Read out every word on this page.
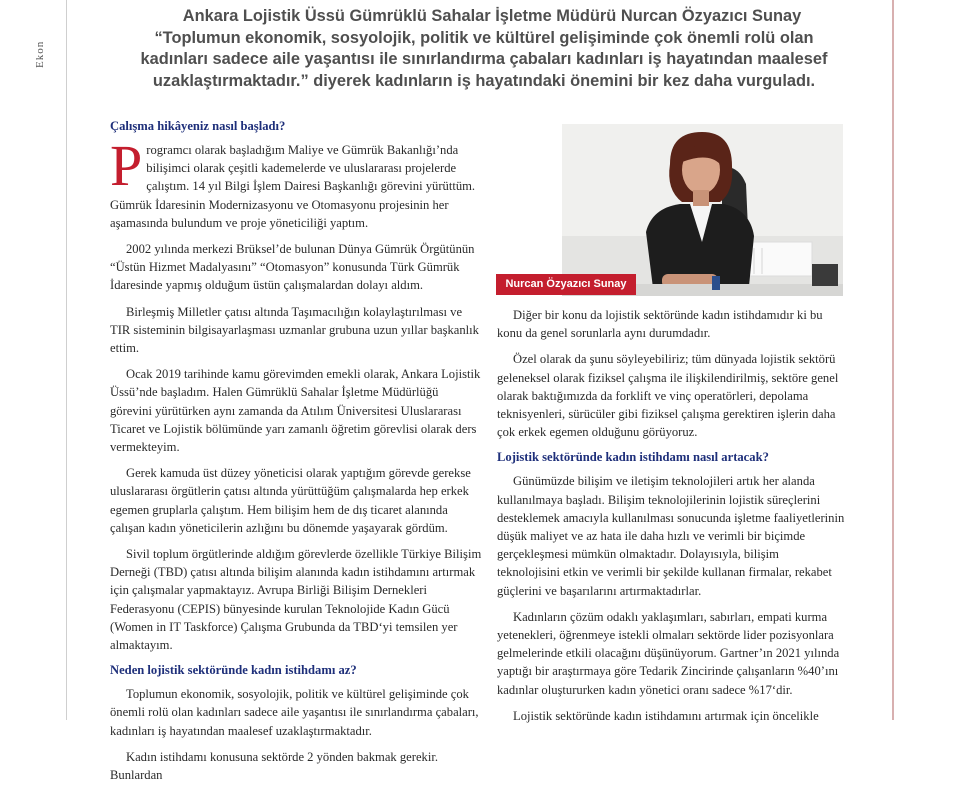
Ekon

Ankara Lojistik Üssü Gümrüklü Sahalar İşletme Müdürü Nurcan Özyazıcı Sunay “Toplumun ekonomik, sosyolojik, politik ve kültürel gelişiminde çok önemli rolü olan kadınları sadece aile yaşantısı ile sınırlandırma çabaları kadınları iş hayatından maalesef uzaklaştırmaktadır.” diyerek kadınların iş hayatındaki önemini bir kez daha vurguladı.

Çalışma hikâyeniz nasıl başladı?

Programcı olarak başladığım Maliye ve Gümrük Bakanlığı’nda bilişimci olarak çeşitli kademelerde ve uluslararası projelerde çalıştım. 14 yıl Bilgi İşlem Dairesi Başkanlığı görevini yürüttüm. Gümrük İdaresinin Modernizasyonu ve Otomasyonu projesinin her aşamasında bulundum ve proje yöneticiliği yaptım.

2002 yılında merkezi Brüksel’de bulunan Dünya Gümrük Örgütünün “Üstün Hizmet Madalyasını” “Otomasyon” konusunda Türk Gümrük İdaresinde yapmış olduğum üstün çalışmalardan dolayı aldım.

Birleşmiş Milletler çatısı altında Taşımacılığın kolaylaştırılması ve TIR sisteminin bilgisayarlaşması uzmanlar grubuna uzun yıllar başkanlık ettim.

Ocak 2019 tarihinde kamu görevimden emekli olarak, Ankara Lojistik Üssü’nde başladım. Halen Gümrüklü Sahalar İşletme Müdürlüğü görevini yürütürken aynı zamanda da Atılım Üniversitesi Uluslararası Ticaret ve Lojistik bölümünde yarı zamanlı öğretim görevlisi olarak ders vermekteyim.

Gerek kamuda üst düzey yöneticisi olarak yaptığım görevde gerekse uluslararası örgütlerin çatısı altında yürüttüğüm çalışmalarda hep erkek egemen gruplarla çalıştım. Hem bilişim hem de dış ticaret alanında çalışan kadın yöneticilerin azlığını bu dönemde yaşayarak gördüm.

Sivil toplum örgütlerinde aldığım görevlerde özellikle Türkiye Bilişim Derneği (TBD) çatısı altında bilişim alanında kadın istihdamını artırmak için çalışmalar yapmaktayız. Avrupa Birliği Bilişim Dernekleri Federasyonu (CEPIS) bünyesinde kurulan Teknolojide Kadın Gücü (Women in IT Taskforce) Çalışma Grubunda da TBD‘yi temsilen yer almaktayım.

Neden lojistik sektöründe kadın istihdamı az?

Toplumun ekonomik, sosyolojik, politik ve kültürel gelişiminde çok önemli rolü olan kadınları sadece aile yaşantısı ile sınırlandırma çabaları, kadınları iş hayatından maalesef uzaklaştırmaktadır.

Kadın istihdamı konusuna sektörde 2 yönden bakmak gerekir. Bunlardan

Nurcan Özyazıcı Sunay

Diğer bir konu da lojistik sektöründe kadın istihdamıdır ki bu konu da genel sorunlarla aynı durumdadır.

Özel olarak da şunu söyleyebiliriz; tüm dünyada lojistik sektörü geleneksel olarak fiziksel çalışma ile ilişkilendirilmiş, sektöre genel olarak baktığımızda da forklift ve vinç operatörleri, depolama teknisyenleri, sürücüler gibi fiziksel çalışma gerektiren işlerin daha çok erkek egemen olduğunu görüyoruz.

Lojistik sektöründe kadın istihdamı nasıl artacak?

Günümüzde bilişim ve iletişim teknolojileri artık her alanda kullanılmaya başladı. Bilişim teknolojilerinin lojistik süreçlerini desteklemek amacıyla kullanılması sonucunda işletme faaliyetlerinin düşük maliyet ve az hata ile daha hızlı ve verimli bir biçimde gerçekleşmesi mümkün olmaktadır. Dolayısıyla, bilişim teknolojisini etkin ve verimli bir şekilde kullanan firmalar, rekabet güçlerini ve başarılarını artırmaktadırlar.

Kadınların çözüm odaklı yaklaşımları, sabırları, empati kurma yetenekleri, öğrenmeye istekli olmaları sektörde lider pozisyonlara gelmelerinde etkili olacağını düşünüyorum. Gartner’ın 2021 yılında yaptığı bir araştırmaya göre Tedarik Zincirinde çalışanların %40’ını kadınlar oluştururken kadın yönetici oranı sadece %17‘dir.

Lojistik sektöründe kadın istihdamını artırmak için öncelikle
